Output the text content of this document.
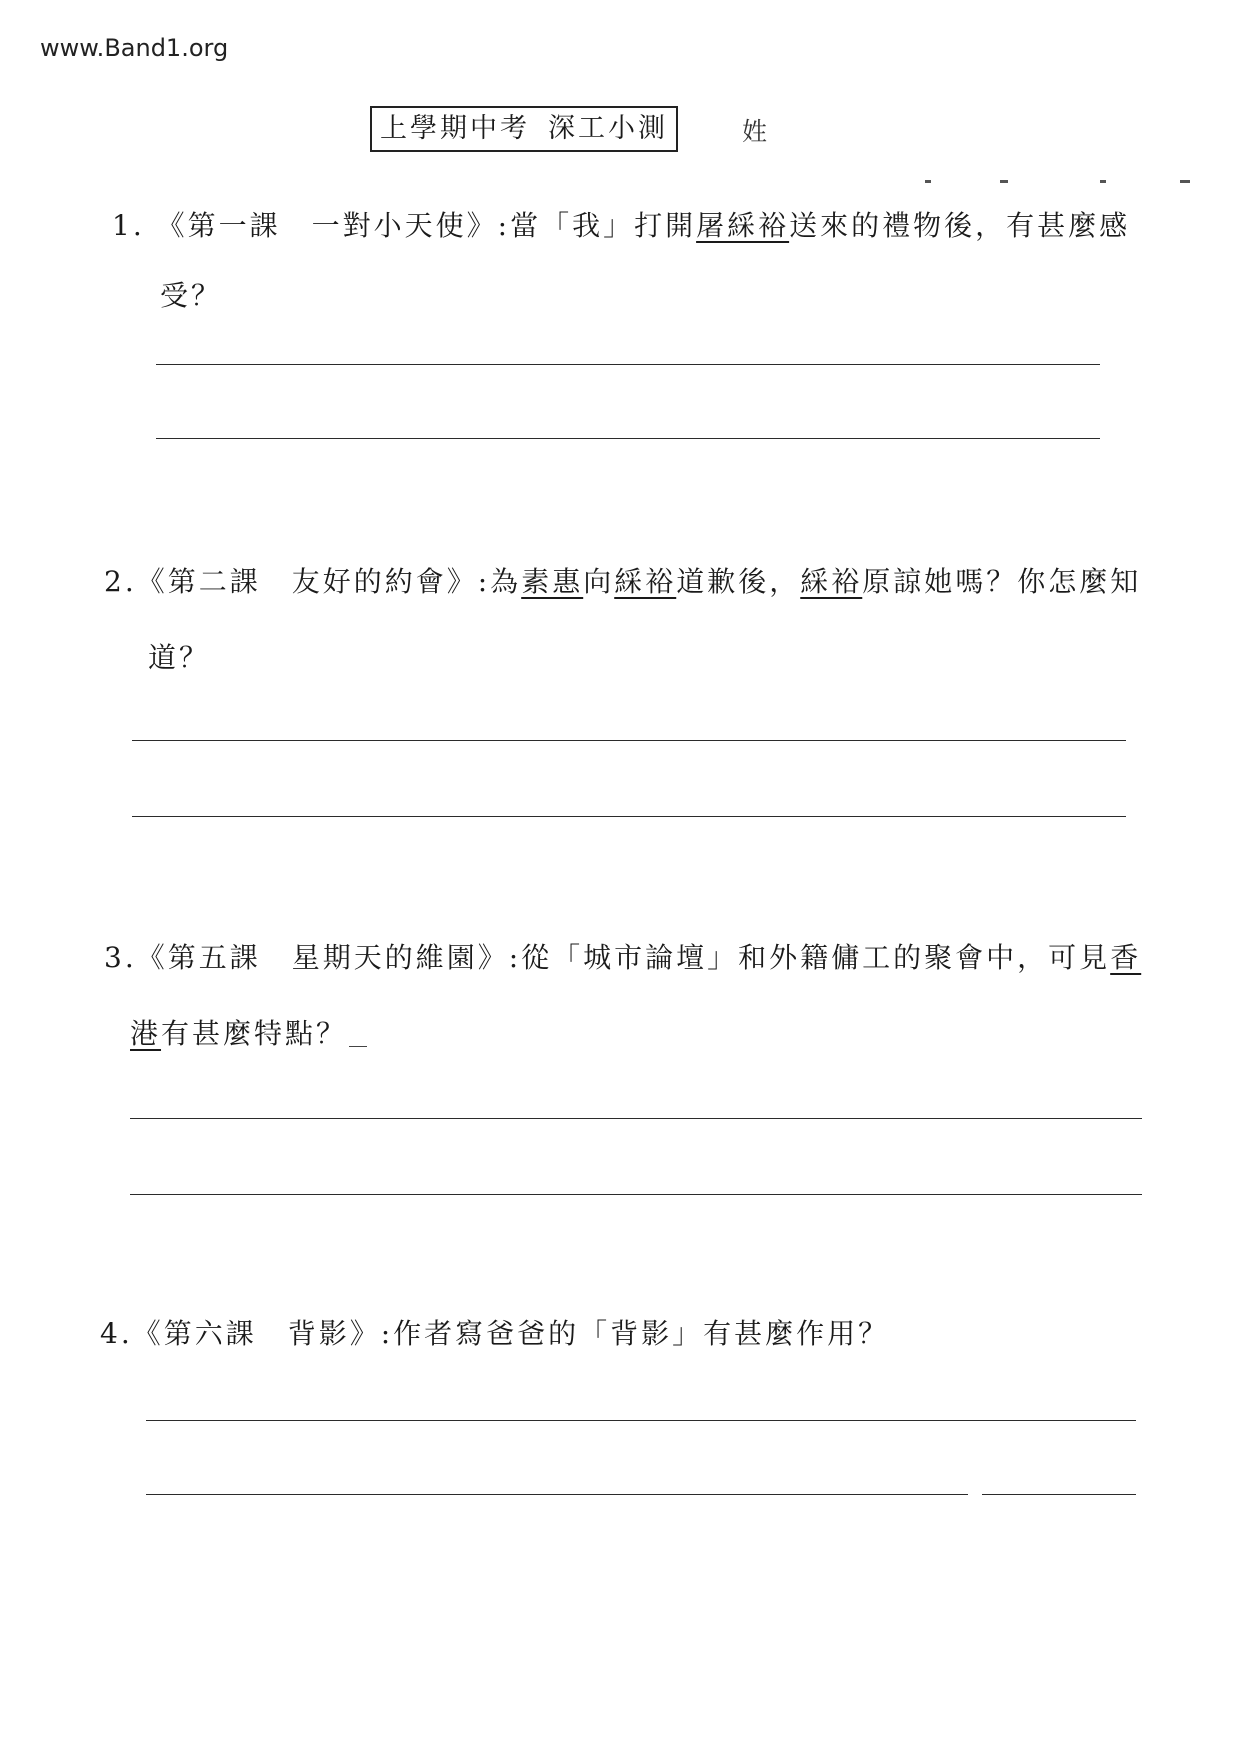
www.Band1.org
上學期中考 深工小測	姓
1. 《第一課　一對小天使》:當「我」打開屠綵裕送來的禮物後，有甚麼感
受？
2.《第二課　友好的約會》:為素惠向綵裕道歉後，綵裕原諒她嗎？你怎麼知
道？
3.《第五課　星期天的維園》:從「城市論壇」和外籍傭工的聚會中，可見香
港有甚麼特點？
4.《第六課　背影》:作者寫爸爸的「背影」有甚麼作用？
